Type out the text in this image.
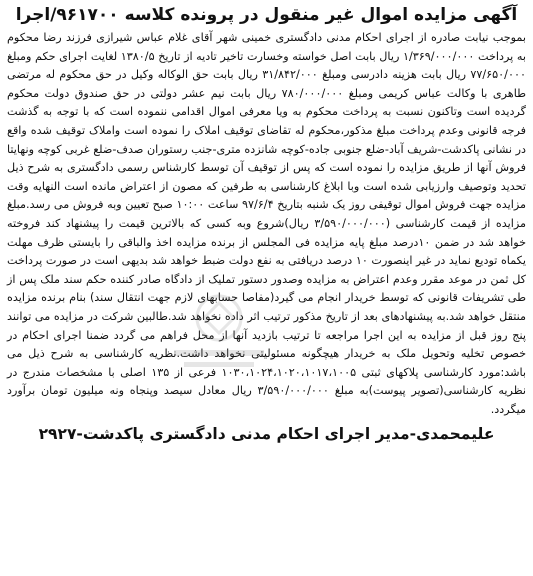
آگهی مزایده اموال غیر منقول در پرونده کلاسه ۹۶۱۷۰۰/اجرا

بموجب نیابت صادره از اجرای احکام مدنی دادگستری خمینی شهر آقای غلام عباس شیرازی فرزند رضا محکوم به پرداخت ۱/۳۶۹/۰۰۰/۰۰۰ ریال بابت اصل خواسته وخسارت تاخیر تادیه از تاریخ ۱۳۸۰/۵ لغایت اجرای حکم ومبلغ ۷۷/۶۵۰/۰۰۰ ریال بابت هزینه دادرسی ومبلغ ۳۱/۸۴۲/۰۰۰ ریال بابت حق الوکاله وکیل در حق محکوم له مرتضی طاهری با وکالت عباس کریمی ومبلغ ۷۸۰/۰۰۰/۰۰۰ ریال بابت نیم عشر دولتی در حق صندوق دولت محکوم گردیده است وتاکنون نسبت به پرداخت محکوم به ویا معرفی اموال اقدامی ننموده است که با توجه به گذشت فرجه قانونی وعدم پرداخت مبلغ مذکور،محکوم له تقاضای توقیف املاک را نموده است واملاک توقیف شده واقع در نشانی پاکدشت-شریف آباد-ضلع جنوبی جاده-کوچه شانزده متری-جنب رستوران صدف-ضلع غربی کوچه ونهایتا فروش آنها از طریق مزایده را نموده است که پس از توقیف آن توسط کارشناس رسمی دادگستری به شرح ذیل تحدید وتوصیف وارزیابی شده است وبا ابلاغ کارشناسی به طرفین که مصون از اعتراض مانده است النهایه وقت مزایده جهت فروش اموال توقیفی روز یک شنبه بتاریخ ۹۷/۶/۴ ساعت ۱۰:۰۰ صبح تعیین وبه فروش می رسد.مبلغ مزایده از قیمت کارشناسی (۳/۵۹۰/۰۰۰/۰۰۰ ریال)شروع وبه کسی که بالاترین قیمت را پیشنهاد کند فروخته خواهد شد در ضمن ۱۰درصد مبلغ پایه مزایده فی المجلس از برنده مزایده اخذ والباقی را بایستی ظرف مهلت یکماه تودیع نماید در غیر اینصورت ۱۰ درصد دریافتی به نفع دولت ضبط خواهد شد بدیهی است در صورت پرداخت کل ثمن در موعد مقرر وعدم اعتراض به مزایده وصدور دستور تملیک از دادگاه صادر کننده حکم سند ملک پس از طی تشریفات قانونی که توسط خریدار انجام می گیرد(مفاصا حسابهای لازم جهت انتقال سند) بنام برنده مزایده منتقل خواهد شد.به پیشنهادهای بعد از تاریخ مذکور ترتیب اثر داده نخواهد شد.طالبین شرکت در مزایده می توانند پنج روز قبل از مزایده به این اجرا مراجعه تا ترتیب بازدید آنها از محل فراهم می گردد ضمنا اجرای احکام در خصوص تخلیه وتحویل ملک به خریدار هیچگونه مسئولیتی نخواهد داشت.نظریه کارشناسی به شرح ذیل می باشد:مورد کارشناسی پلاکهای ثبتی ۱۰۳۰،۱۰۲۴،۱۰۲۰،۱۰۱۷،۱۰۰۵ فرعی از ۱۳۵ اصلی با مشخصات مندرج در نظریه کارشناسی(تصویر پیوست)به مبلغ ۳/۵۹۰/۰۰۰/۰۰۰ ریال معادل سیصد وپنجاه ونه میلیون تومان برآورد میگردد.

علیمحمدی-مدیر اجرای احکام مدنی دادگستری پاکدشت-۲۹۲۷
